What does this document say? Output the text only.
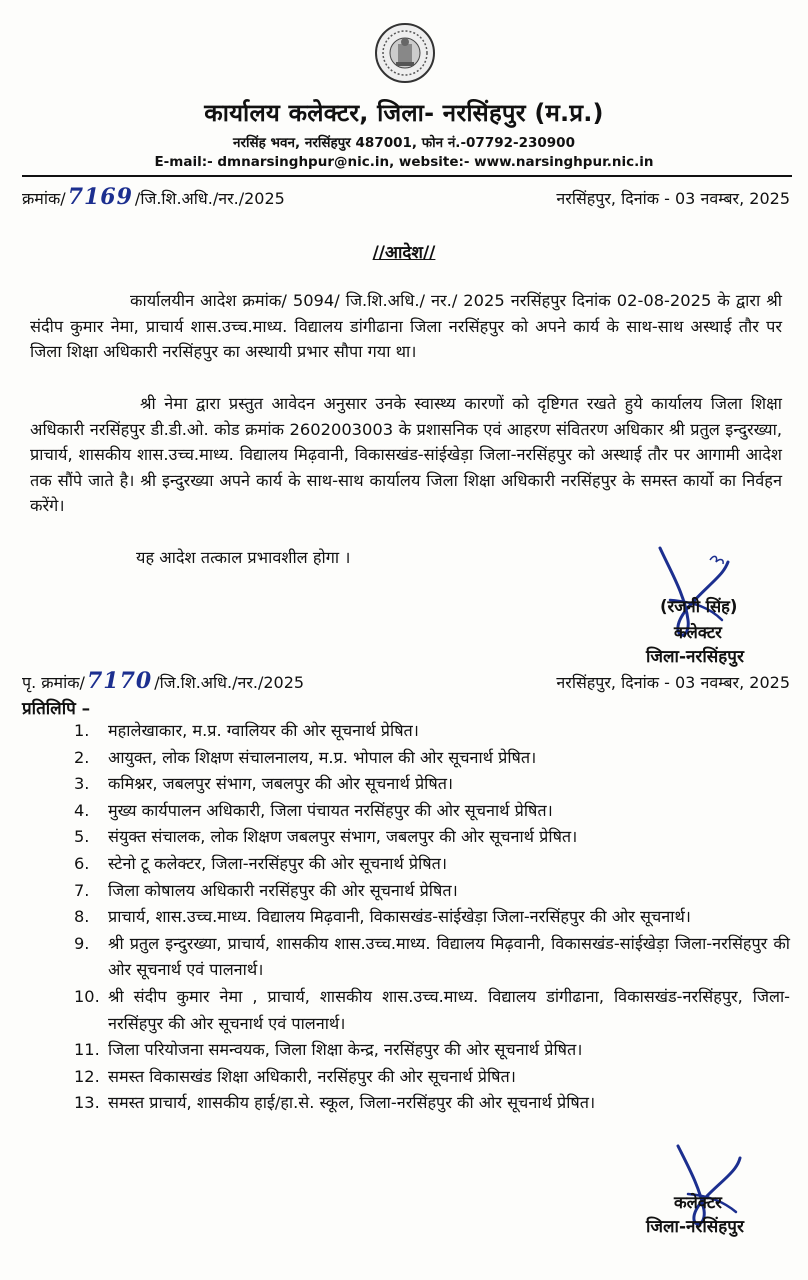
कार्यालय कलेक्टर, जिला- नरसिंहपुर (म.प्र.)
नरसिंह भवन, नरसिंहपुर 487001, फोन नं.-07792-230900
E-mail:- dmnarsinghpur@nic.in, website:- www.narsinghpur.nic.in
क्रमांक/7169 /जि.शि.अधि./नर./2025	नरसिंहपुर, दिनांक - 03 नवम्बर, 2025
//आदेश//
कार्यालयीन आदेश क्रमांक/ 5094/ जि.शि.अधि./ नर./ 2025 नरसिंहपुर दिनांक 02-08-2025 के द्वारा श्री संदीप कुमार नेमा, प्राचार्य शास.उच्च.माध्य. विद्यालय डांगीढाना जिला नरसिंहपुर को अपने कार्य के साथ-साथ अस्थाई तौर पर जिला शिक्षा अधिकारी नरसिंहपुर का अस्थायी प्रभार सौपा गया था।
श्री नेमा द्वारा प्रस्तुत आवेदन अनुसार उनके स्वास्थ्य कारणों को दृष्टिगत रखते हुये कार्यालय जिला शिक्षा अधिकारी नरसिंहपुर डी.डी.ओ. कोड क्रमांक 2602003003 के प्रशासनिक एवं आहरण संवितरण अधिकार श्री प्रतुल इन्दुरख्या, प्राचार्य, शासकीय शास.उच्च.माध्य. विद्यालय मिढ़वानी, विकासखंड-सांईखेड़ा जिला-नरसिंहपुर को अस्थाई तौर पर आगामी आदेश तक सौंपे जाते है। श्री इन्दुरख्या अपने कार्य के साथ-साथ कार्यालय जिला शिक्षा अधिकारी नरसिंहपुर के समस्त कार्यो का निर्वहन करेंगे।
यह आदेश तत्काल प्रभावशील होगा ।
(रजनी सिंह)
कलेक्टर
जिला-नरसिंहपुर
पृ. क्रमांक/7170 /जि.शि.अधि./नर./2025	नरसिंहपुर, दिनांक - 03 नवम्बर, 2025
प्रतिलिपि –
1.	महालेखाकार, म.प्र. ग्वालियर की ओर सूचनार्थ प्रेषित।
2.	आयुक्त, लोक शिक्षण संचालनालय, म.प्र. भोपाल की ओर सूचनार्थ प्रेषित।
3.	कमिश्नर, जबलपुर संभाग, जबलपुर की ओर सूचनार्थ प्रेषित।
4.	मुख्य कार्यपालन अधिकारी, जिला पंचायत नरसिंहपुर की ओर सूचनार्थ प्रेषित।
5.	संयुक्त संचालक, लोक शिक्षण जबलपुर संभाग, जबलपुर की ओर सूचनार्थ प्रेषित।
6.	स्टेनो टू कलेक्टर, जिला-नरसिंहपुर की ओर सूचनार्थ प्रेषित।
7.	जिला कोषालय अधिकारी नरसिंहपुर की ओर सूचनार्थ प्रेषित।
8.	प्राचार्य, शास.उच्च.माध्य. विद्यालय मिढ़वानी, विकासखंड-सांईखेड़ा जिला-नरसिंहपुर की ओर सूचनार्थ।
9.	श्री प्रतुल इन्दुरख्या, प्राचार्य, शासकीय शास.उच्च.माध्य. विद्यालय मिढ़वानी, विकासखंड-सांईखेड़ा जिला-नरसिंहपुर की ओर सूचनार्थ एवं पालनार्थ।
10. श्री संदीप कुमार नेमा , प्राचार्य, शासकीय शास.उच्च.माध्य. विद्यालय डांगीढाना, विकासखंड-नरसिंहपुर, जिला-नरसिंहपुर की ओर सूचनार्थ एवं पालनार्थ।
11. जिला परियोजना समन्वयक, जिला शिक्षा केन्द्र, नरसिंहपुर की ओर सूचनार्थ प्रेषित।
12. समस्त विकासखंड शिक्षा अधिकारी, नरसिंहपुर की ओर सूचनार्थ प्रेषित।
13. समस्त प्राचार्य, शासकीय हाई/हा.से. स्कूल, जिला-नरसिंहपुर की ओर सूचनार्थ प्रेषित।
कलेक्टर
जिला-नरसिंहपुर
